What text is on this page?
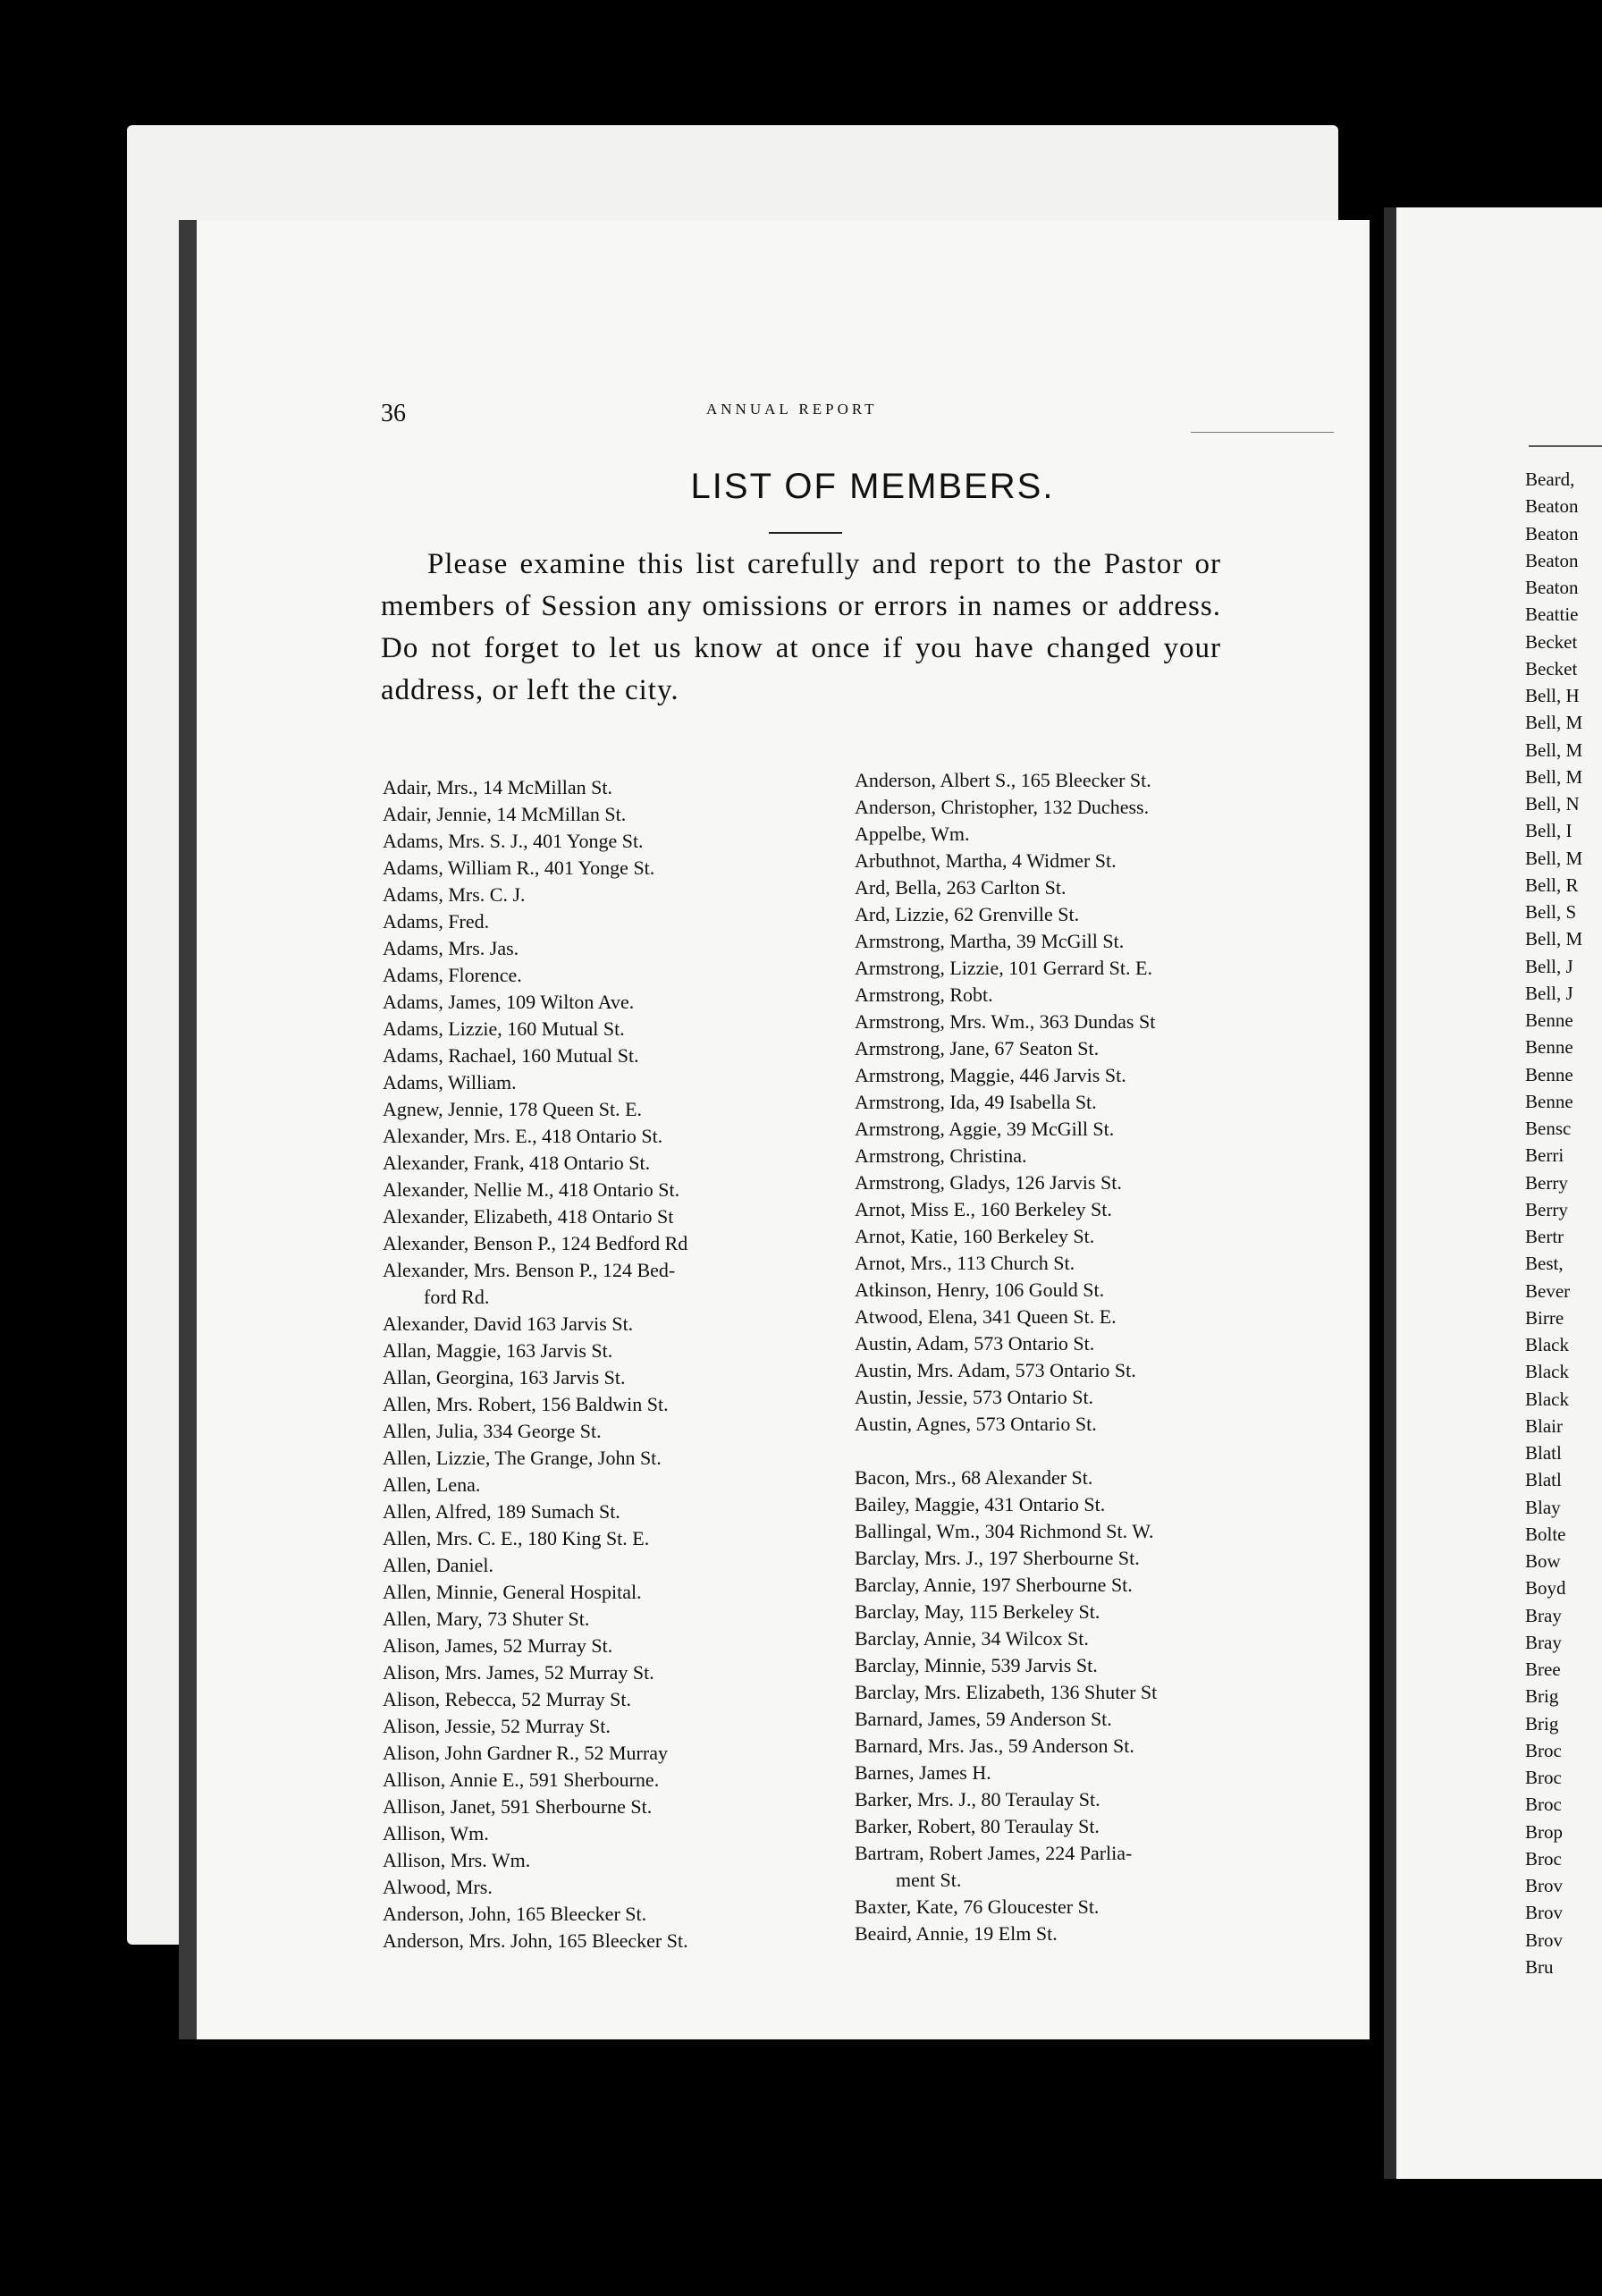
Beard,
Beaton
Beaton
Beaton
Beaton
Beattie
Becket
Becket
Bell, H
Bell, M
Bell, M
Bell, M
Bell, N
Bell, I
Bell, M
Bell, R
Bell, S
Bell, M
Bell, J
Bell, J
Benne
Benne
Benne
Benne
Bensc
Berri
Berry
Berry
Bertr
Best,
Bever
Birre
Black
Black
Black
Blair
Blatl
Blatl
Blay
Bolte
Bow
Boyd
Bray
Bray
Bree
Brig
Brig
Broc
Broc
Broc
Brop
Broc
Brov
Brov
Brov
Bru
36	ANNUAL REPORT
LIST OF MEMBERS.

Please examine this list carefully and report to the Pastor or members of Session any omissions or errors in names or address. Do not forget to let us know at once if you have changed your address, or left the city.

Adair, Mrs., 14 McMillan St.
Adair, Jennie, 14 McMillan St.
Adams, Mrs. S. J., 401 Yonge St.
Adams, William R., 401 Yonge St.
Adams, Mrs. C. J.
Adams, Fred.
Adams, Mrs. Jas.
Adams, Florence.
Adams, James, 109 Wilton Ave.
Adams, Lizzie, 160 Mutual St.
Adams, Rachael, 160 Mutual St.
Adams, William.
Agnew, Jennie, 178 Queen St. E.
Alexander, Mrs. E., 418 Ontario St.
Alexander, Frank, 418 Ontario St.
Alexander, Nellie M., 418 Ontario St.
Alexander, Elizabeth, 418 Ontario St
Alexander, Benson P., 124 Bedford Rd
Alexander, Mrs. Benson P., 124 Bed-
ford Rd.
Alexander, David 163 Jarvis St.
Allan, Maggie, 163 Jarvis St.
Allan, Georgina, 163 Jarvis St.
Allen, Mrs. Robert, 156 Baldwin St.
Allen, Julia, 334 George St.
Allen, Lizzie, The Grange, John St.
Allen, Lena.
Allen, Alfred, 189 Sumach St.
Allen, Mrs. C. E., 180 King St. E.
Allen, Daniel.
Allen, Minnie, General Hospital.
Allen, Mary, 73 Shuter St.
Alison, James, 52 Murray St.
Alison, Mrs. James, 52 Murray St.
Alison, Rebecca, 52 Murray St.
Alison, Jessie, 52 Murray St.
Alison, John Gardner R., 52 Murray
Allison, Annie E., 591 Sherbourne.
Allison, Janet, 591 Sherbourne St.
Allison, Wm.
Allison, Mrs. Wm.
Alwood, Mrs.
Anderson, John, 165 Bleecker St.
Anderson, Mrs. John, 165 Bleecker St.
Anderson, Albert S., 165 Bleecker St.
Anderson, Christopher, 132 Duchess.
Appelbe, Wm.
Arbuthnot, Martha, 4 Widmer St.
Ard, Bella, 263 Carlton St.
Ard, Lizzie, 62 Grenville St.
Armstrong, Martha, 39 McGill St.
Armstrong, Lizzie, 101 Gerrard St. E.
Armstrong, Robt.
Armstrong, Mrs. Wm., 363 Dundas St
Armstrong, Jane, 67 Seaton St.
Armstrong, Maggie, 446 Jarvis St.
Armstrong, Ida, 49 Isabella St.
Armstrong, Aggie, 39 McGill St.
Armstrong, Christina.
Armstrong, Gladys, 126 Jarvis St.
Arnot, Miss E., 160 Berkeley St.
Arnot, Katie, 160 Berkeley St.
Arnot, Mrs., 113 Church St.
Atkinson, Henry, 106 Gould St.
Atwood, Elena, 341 Queen St. E.
Austin, Adam, 573 Ontario St.
Austin, Mrs. Adam, 573 Ontario St.
Austin, Jessie, 573 Ontario St.
Austin, Agnes, 573 Ontario St.
Bacon, Mrs., 68 Alexander St.
Bailey, Maggie, 431 Ontario St.
Ballingal, Wm., 304 Richmond St. W.
Barclay, Mrs. J., 197 Sherbourne St.
Barclay, Annie, 197 Sherbourne St.
Barclay, May, 115 Berkeley St.
Barclay, Annie, 34 Wilcox St.
Barclay, Minnie, 539 Jarvis St.
Barclay, Mrs. Elizabeth, 136 Shuter St
Barnard, James, 59 Anderson St.
Barnard, Mrs. Jas., 59 Anderson St.
Barnes, James H.
Barker, Mrs. J., 80 Teraulay St.
Barker, Robert, 80 Teraulay St.
Bartram, Robert James, 224 Parlia-
ment St.
Baxter, Kate, 76 Gloucester St.
Beaird, Annie, 19 Elm St.
